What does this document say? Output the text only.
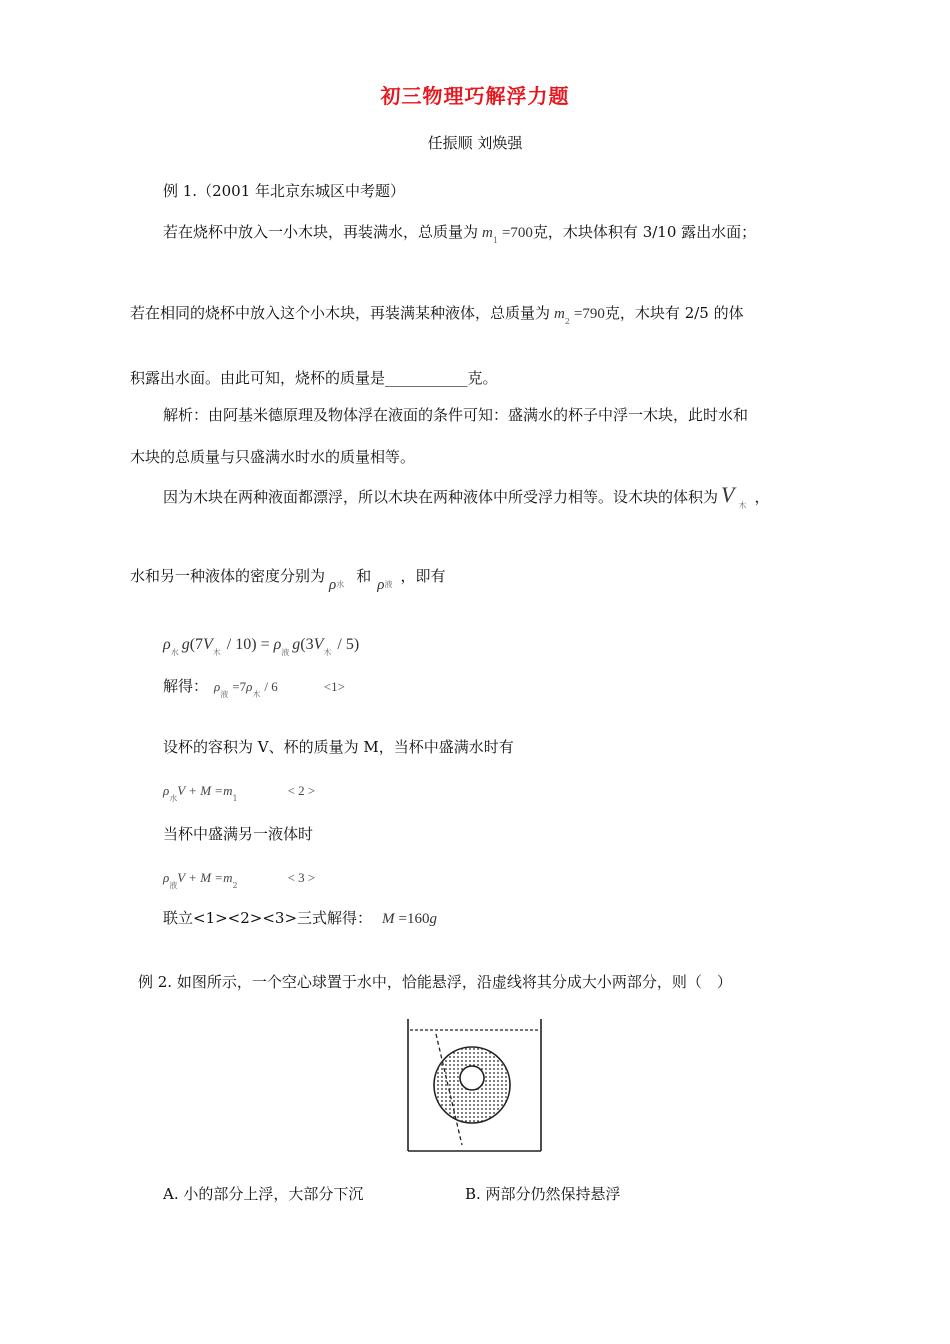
初三物理巧解浮力题
任振顺 刘焕强
例 1.（2001 年北京东城区中考题）
若在烧杯中放入一小木块，再装满水，总质量为 $m_1 =700$克，木块体积有 3/10 露出水面；
若在相同的烧杯中放入这个小木块，再装满某种液体，总质量为 $m_2 =790$克，木块有 2/5 的体
积露出水面。由此可知，烧杯的质量是___________克。
解析：由阿基米德原理及物体浮在液面的条件可知：盛满水的杯子中浮一木块，此时水和
木块的总质量与只盛满水时水的质量相等。
因为木块在两种液面都漂浮，所以木块在两种液体中所受浮力相等。设木块的体积为 V $_木$ ，
水和另一种液体的密度分别为 $\rho_水$ 和 $\rho_液$ ，即有
$\rho_水$ $g(7V_木 / 10) = \rho_液$ $g(3V_木 / 5)$
解得： $\rho_液=7\rho_木/$ 6	<1>
设杯的容积为 V、杯的质量为 M，当杯中盛满水时有
$\rho_水V + M =m_1< 2$ >
当杯中盛满另一液体时
$\rho_液V + M =m_2< 3$ >
联立<1><2><3>三式解得： M =160g
例 2. 如图所示，一个空心球置于水中，恰能悬浮，沿虚线将其分成大小两部分，则（　）
A. 小的部分上浮，大部分下沉	B. 两部分仍然保持悬浮
